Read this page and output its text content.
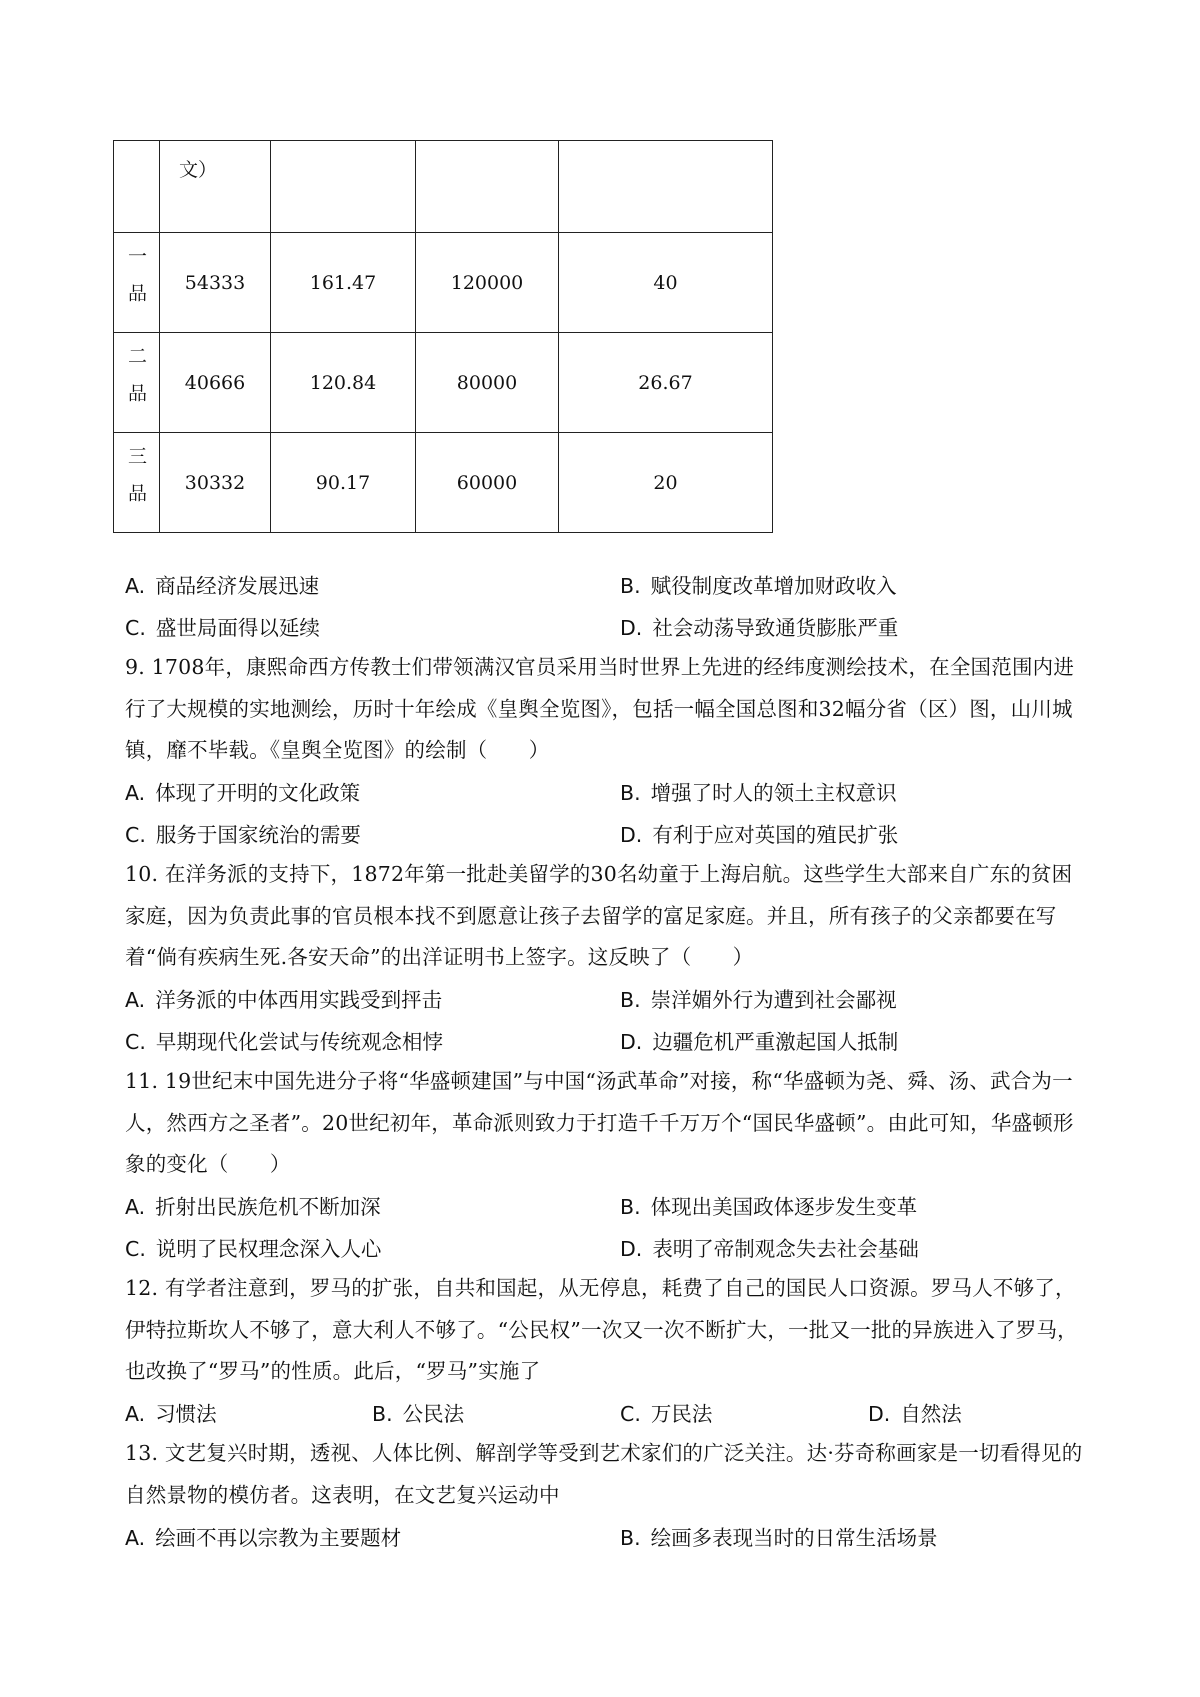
	文）			
一品	54333	161.47	120000	40
二品	40666	120.84	80000	26.67
三品	30332	90.17	60000	20
A. 商品经济发展迅速	B. 赋役制度改革增加财政收入
C. 盛世局面得以延续	D. 社会动荡导致通货膨胀严重
9. 1708年，康熙命西方传教士们带领满汉官员采用当时世界上先进的经纬度测绘技术，在全国范围内进行了大规模的实地测绘，历时十年绘成《皇舆全览图》，包括一幅全国总图和32幅分省（区）图，山川城镇，靡不毕载。《皇舆全览图》的绘制（　　）
A. 体现了开明的文化政策	B. 增强了时人的领土主权意识
C. 服务于国家统治的需要	D. 有利于应对英国的殖民扩张
10. 在洋务派的支持下，1872年第一批赴美留学的30名幼童于上海启航。这些学生大部来自广东的贫困家庭，因为负责此事的官员根本找不到愿意让孩子去留学的富足家庭。并且，所有孩子的父亲都要在写着“倘有疾病生死.各安天命”的出洋证明书上签字。这反映了（　　）
A. 洋务派的中体西用实践受到抨击	B. 崇洋媚外行为遭到社会鄙视
C. 早期现代化尝试与传统观念相悖	D. 边疆危机严重激起国人抵制
11. 19世纪末中国先进分子将“华盛顿建国”与中国“汤武革命”对接，称“华盛顿为尧、舜、汤、武合为一人，然西方之圣者”。20世纪初年，革命派则致力于打造千千万万个“国民华盛顿”。由此可知，华盛顿形象的变化（　　）
A. 折射出民族危机不断加深	B. 体现出美国政体逐步发生变革
C. 说明了民权理念深入人心	D. 表明了帝制观念失去社会基础
12. 有学者注意到，罗马的扩张，自共和国起，从无停息，耗费了自己的国民人口资源。罗马人不够了，伊特拉斯坎人不够了，意大利人不够了。“公民权”一次又一次不断扩大，一批又一批的异族进入了罗马，也改换了“罗马”的性质。此后，“罗马”实施了
A. 习惯法	B. 公民法	C. 万民法	D. 自然法
13. 文艺复兴时期，透视、人体比例、解剖学等受到艺术家们的广泛关注。达·芬奇称画家是一切看得见的自然景物的模仿者。这表明，在文艺复兴运动中
A. 绘画不再以宗教为主要题材	B. 绘画多表现当时的日常生活场景
